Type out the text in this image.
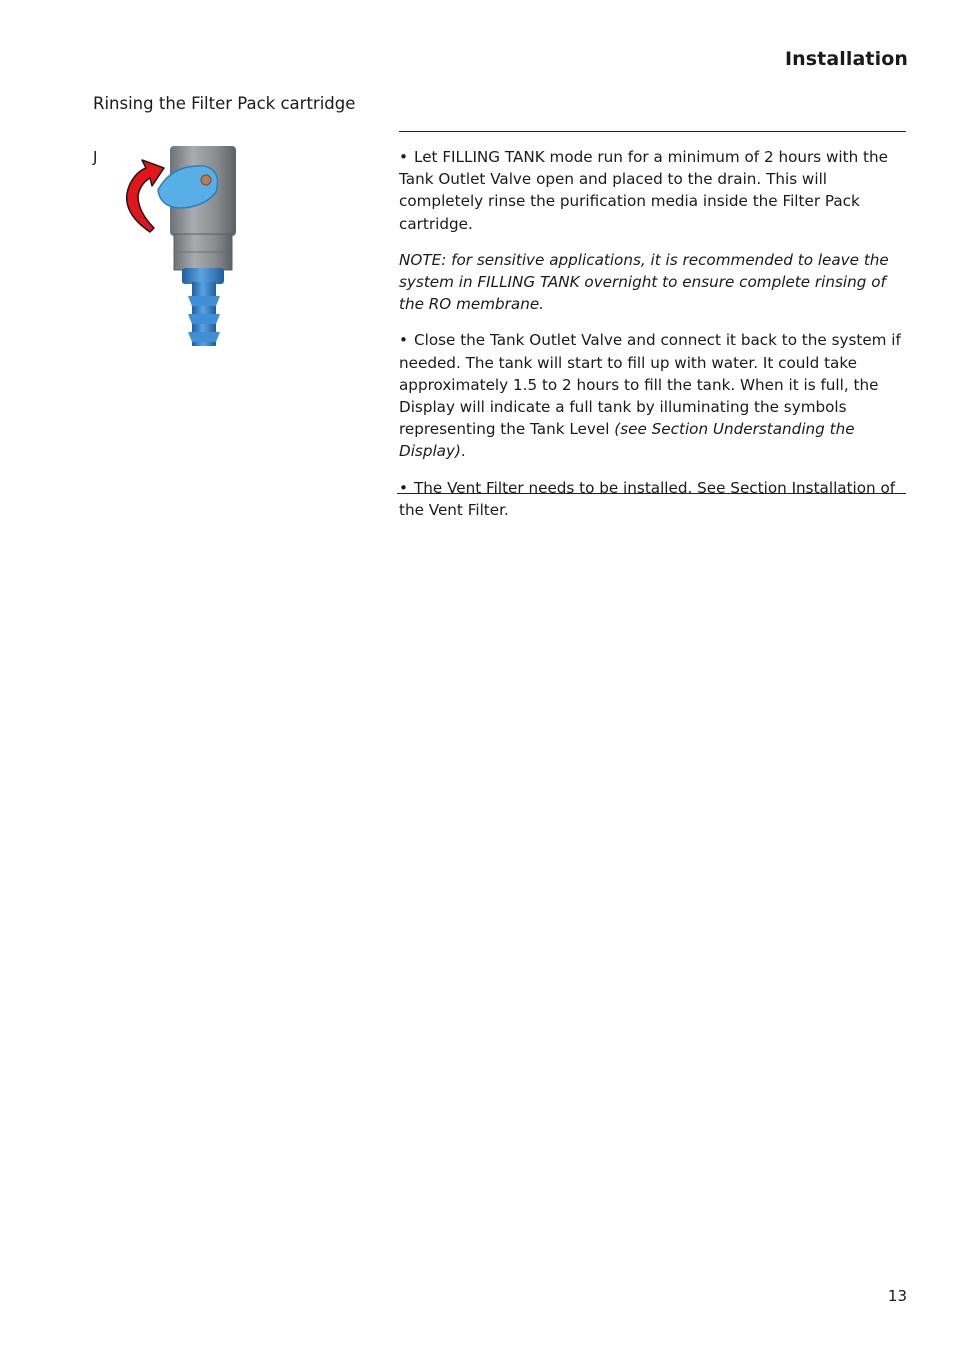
Installation
Rinsing the Filter Pack cartridge
J	• Let FILLING TANK mode run for a minimum of 2 hours with the Tank Outlet Valve open and placed to the drain. This will completely rinse the purification media inside the Filter Pack cartridge.

NOTE: for sensitive applications, it is recommended to leave the system in FILLING TANK overnight to ensure complete rinsing of the RO membrane.

• Close the Tank Outlet Valve and connect it back to the system if needed. The tank will start to fill up with water. It could take approximately 1.5 to 2 hours to fill the tank. When it is full, the Display will indicate a full tank by illuminating the symbols representing the Tank Level (see Section Understanding the Display).

• The Vent Filter needs to be installed. See Section Installation of the Vent Filter.

13
